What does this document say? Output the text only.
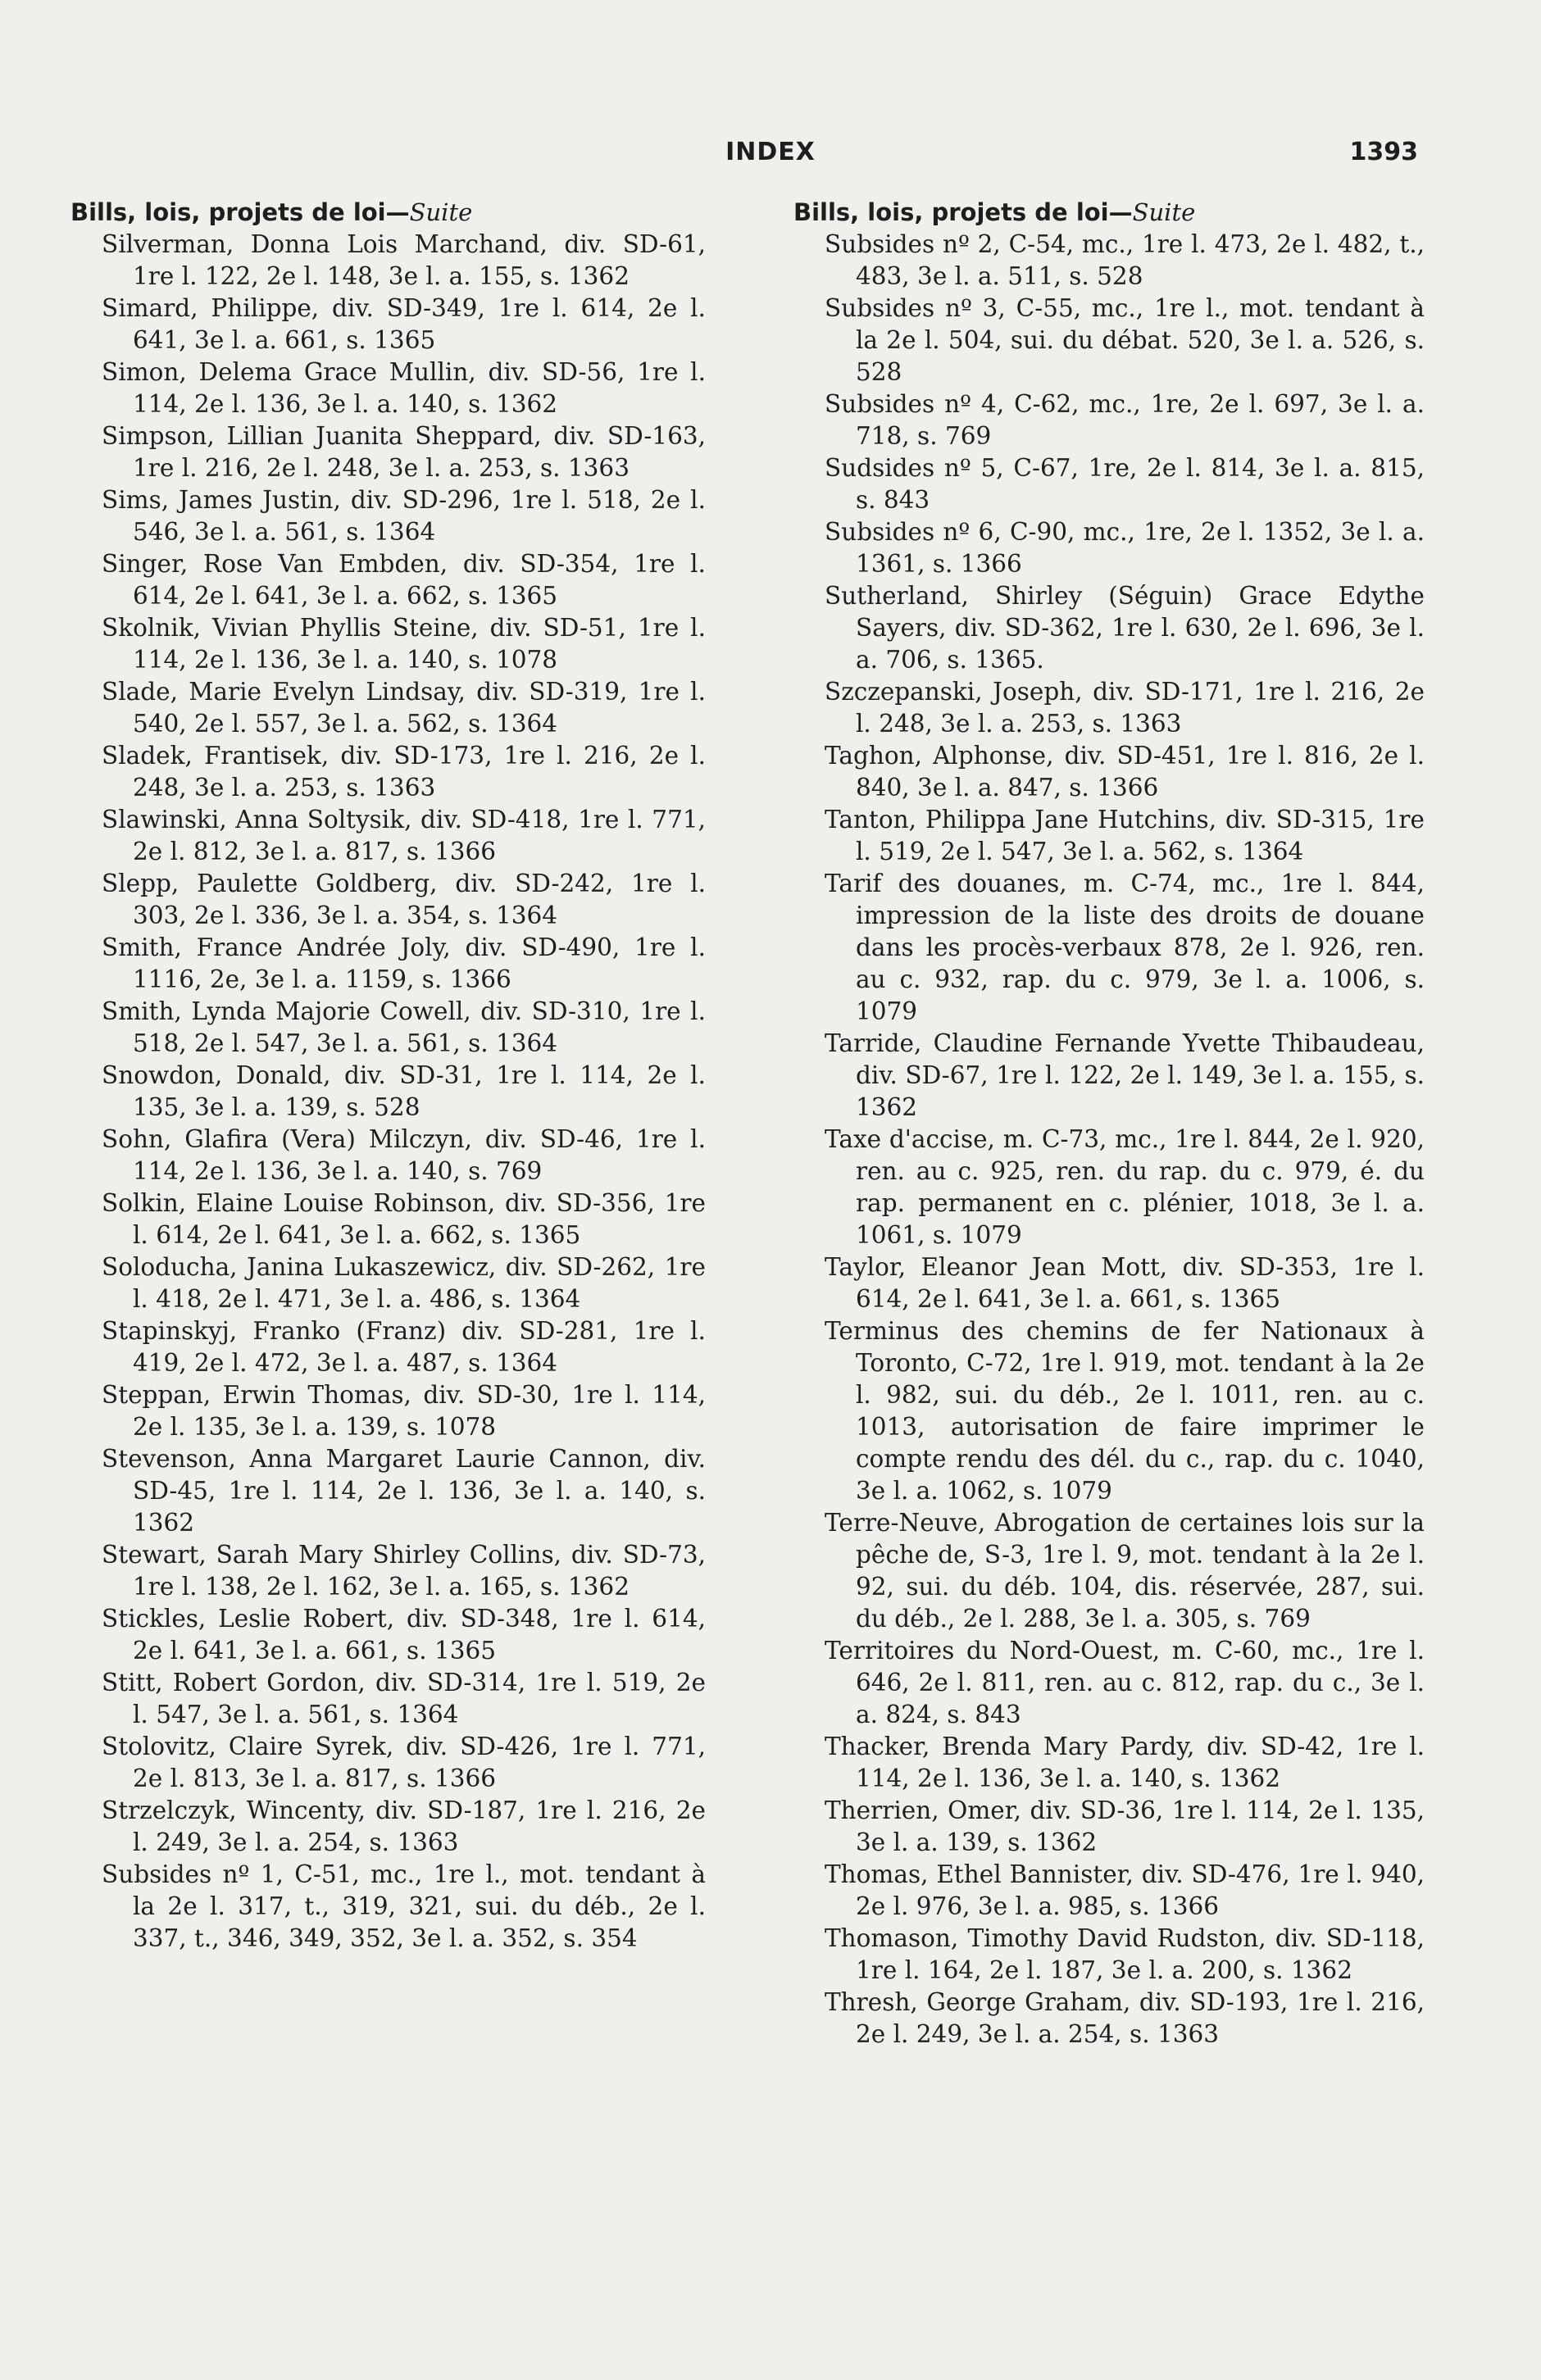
INDEX	1393
Bills, lois, projets de loi—Suite
Silverman, Donna Lois Marchand, div. SD-61, 1re l. 122, 2e l. 148, 3e l. a. 155, s. 1362
Simard, Philippe, div. SD-349, 1re l. 614, 2e l. 641, 3e l. a. 661, s. 1365
Simon, Delema Grace Mullin, div. SD-56, 1re l. 114, 2e l. 136, 3e l. a. 140, s. 1362
Simpson, Lillian Juanita Sheppard, div. SD-163, 1re l. 216, 2e l. 248, 3e l. a. 253, s. 1363
Sims, James Justin, div. SD-296, 1re l. 518, 2e l. 546, 3e l. a. 561, s. 1364
Singer, Rose Van Embden, div. SD-354, 1re l. 614, 2e l. 641, 3e l. a. 662, s. 1365
Skolnik, Vivian Phyllis Steine, div. SD-51, 1re l. 114, 2e l. 136, 3e l. a. 140, s. 1078
Slade, Marie Evelyn Lindsay, div. SD-319, 1re l. 540, 2e l. 557, 3e l. a. 562, s. 1364
Sladek, Frantisek, div. SD-173, 1re l. 216, 2e l. 248, 3e l. a. 253, s. 1363
Slawinski, Anna Soltysik, div. SD-418, 1re l. 771, 2e l. 812, 3e l. a. 817, s. 1366
Slepp, Paulette Goldberg, div. SD-242, 1re l. 303, 2e l. 336, 3e l. a. 354, s. 1364
Smith, France Andrée Joly, div. SD-490, 1re l. 1116, 2e, 3e l. a. 1159, s. 1366
Smith, Lynda Majorie Cowell, div. SD-310, 1re l. 518, 2e l. 547, 3e l. a. 561, s. 1364
Snowdon, Donald, div. SD-31, 1re l. 114, 2e l. 135, 3e l. a. 139, s. 528
Sohn, Glafira (Vera) Milczyn, div. SD-46, 1re l. 114, 2e l. 136, 3e l. a. 140, s. 769
Solkin, Elaine Louise Robinson, div. SD-356, 1re l. 614, 2e l. 641, 3e l. a. 662, s. 1365
Soloducha, Janina Lukaszewicz, div. SD-262, 1re l. 418, 2e l. 471, 3e l. a. 486, s. 1364
Stapinskyj, Franko (Franz) div. SD-281, 1re l. 419, 2e l. 472, 3e l. a. 487, s. 1364
Steppan, Erwin Thomas, div. SD-30, 1re l. 114, 2e l. 135, 3e l. a. 139, s. 1078
Stevenson, Anna Margaret Laurie Cannon, div. SD-45, 1re l. 114, 2e l. 136, 3e l. a. 140, s. 1362
Stewart, Sarah Mary Shirley Collins, div. SD-73, 1re l. 138, 2e l. 162, 3e l. a. 165, s. 1362
Stickles, Leslie Robert, div. SD-348, 1re l. 614, 2e l. 641, 3e l. a. 661, s. 1365
Stitt, Robert Gordon, div. SD-314, 1re l. 519, 2e l. 547, 3e l. a. 561, s. 1364
Stolovitz, Claire Syrek, div. SD-426, 1re l. 771, 2e l. 813, 3e l. a. 817, s. 1366
Strzelczyk, Wincenty, div. SD-187, 1re l. 216, 2e l. 249, 3e l. a. 254, s. 1363
Subsides nº 1, C-51, mc., 1re l., mot. tendant à la 2e l. 317, t., 319, 321, sui. du déb., 2e l. 337, t., 346, 349, 352, 3e l. a. 352, s. 354
Bills, lois, projets de loi—Suite
Subsides nº 2, C-54, mc., 1re l. 473, 2e l. 482, t., 483, 3e l. a. 511, s. 528
Subsides nº 3, C-55, mc., 1re l., mot. tendant à la 2e l. 504, sui. du débat. 520, 3e l. a. 526, s. 528
Subsides nº 4, C-62, mc., 1re, 2e l. 697, 3e l. a. 718, s. 769
Sudsides nº 5, C-67, 1re, 2e l. 814, 3e l. a. 815, s. 843
Subsides nº 6, C-90, mc., 1re, 2e l. 1352, 3e l. a. 1361, s. 1366
Sutherland, Shirley (Séguin) Grace Edythe Sayers, div. SD-362, 1re l. 630, 2e l. 696, 3e l. a. 706, s. 1365.
Szczepanski, Joseph, div. SD-171, 1re l. 216, 2e l. 248, 3e l. a. 253, s. 1363
Taghon, Alphonse, div. SD-451, 1re l. 816, 2e l. 840, 3e l. a. 847, s. 1366
Tanton, Philippa Jane Hutchins, div. SD-315, 1re l. 519, 2e l. 547, 3e l. a. 562, s. 1364
Tarif des douanes, m. C-74, mc., 1re l. 844, impression de la liste des droits de douane dans les procès-verbaux 878, 2e l. 926, ren. au c. 932, rap. du c. 979, 3e l. a. 1006, s. 1079
Tarride, Claudine Fernande Yvette Thibaudeau, div. SD-67, 1re l. 122, 2e l. 149, 3e l. a. 155, s. 1362
Taxe d'accise, m. C-73, mc., 1re l. 844, 2e l. 920, ren. au c. 925, ren. du rap. du c. 979, é. du rap. permanent en c. plénier, 1018, 3e l. a. 1061, s. 1079
Taylor, Eleanor Jean Mott, div. SD-353, 1re l. 614, 2e l. 641, 3e l. a. 661, s. 1365
Terminus des chemins de fer Nationaux à Toronto, C-72, 1re l. 919, mot. tendant à la 2e l. 982, sui. du déb., 2e l. 1011, ren. au c. 1013, autorisation de faire imprimer le compte rendu des dél. du c., rap. du c. 1040, 3e l. a. 1062, s. 1079
Terre-Neuve, Abrogation de certaines lois sur la pêche de, S-3, 1re l. 9, mot. tendant à la 2e l. 92, sui. du déb. 104, dis. réservée, 287, sui. du déb., 2e l. 288, 3e l. a. 305, s. 769
Territoires du Nord-Ouest, m. C-60, mc., 1re l. 646, 2e l. 811, ren. au c. 812, rap. du c., 3e l. a. 824, s. 843
Thacker, Brenda Mary Pardy, div. SD-42, 1re l. 114, 2e l. 136, 3e l. a. 140, s. 1362
Therrien, Omer, div. SD-36, 1re l. 114, 2e l. 135, 3e l. a. 139, s. 1362
Thomas, Ethel Bannister, div. SD-476, 1re l. 940, 2e l. 976, 3e l. a. 985, s. 1366
Thomason, Timothy David Rudston, div. SD-118, 1re l. 164, 2e l. 187, 3e l. a. 200, s. 1362
Thresh, George Graham, div. SD-193, 1re l. 216, 2e l. 249, 3e l. a. 254, s. 1363
